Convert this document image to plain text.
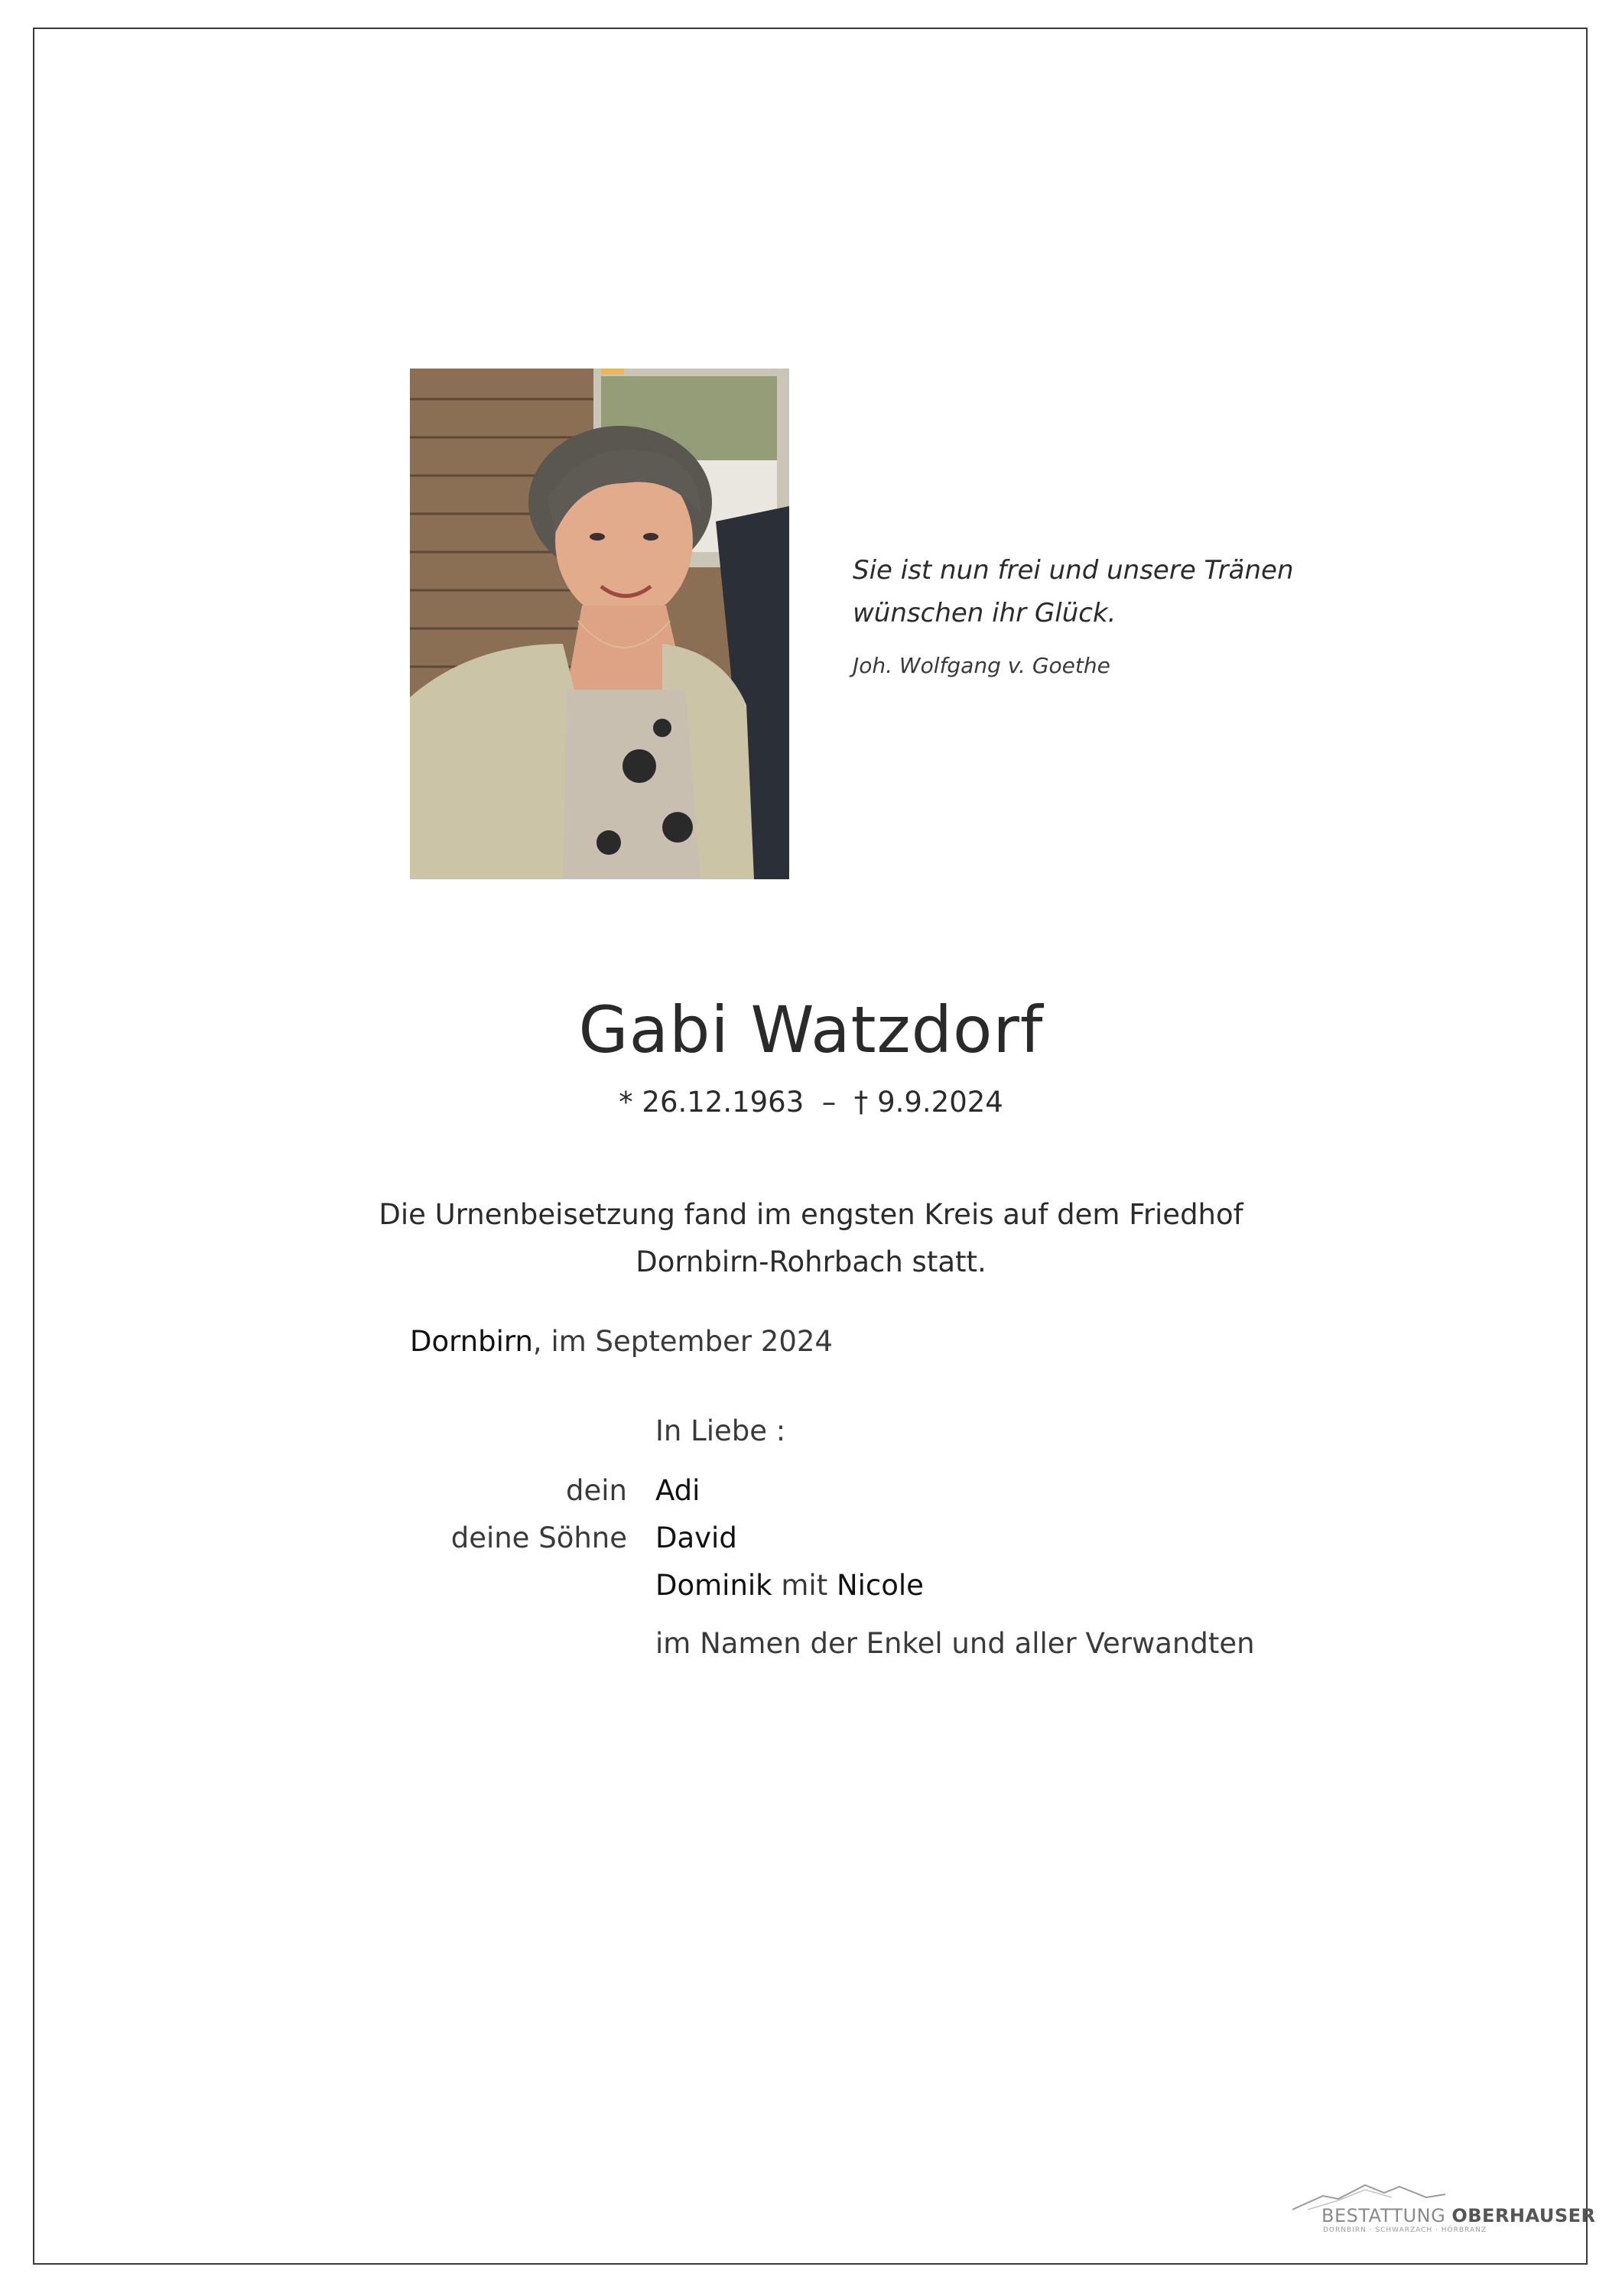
Sie ist nun frei und unsere Tränen
wünschen ihr Glück.

Joh. Wolfgang v. Goethe
Gabi Watzdorf
* 26.12.1963  –  † 9.9.2024
Die Urnenbeisetzung fand im engsten Kreis auf dem Friedhof
Dornbirn-Rohrbach statt.
Dornbirn, im September 2024
In Liebe :
dein Adi
deine Söhne David
Dominik mit Nicole
im Namen der Enkel und aller Verwandten
BESTATTUNG OBERHAUSER
DORNBIRN · SCHWARZACH · HÖRBRANZ
